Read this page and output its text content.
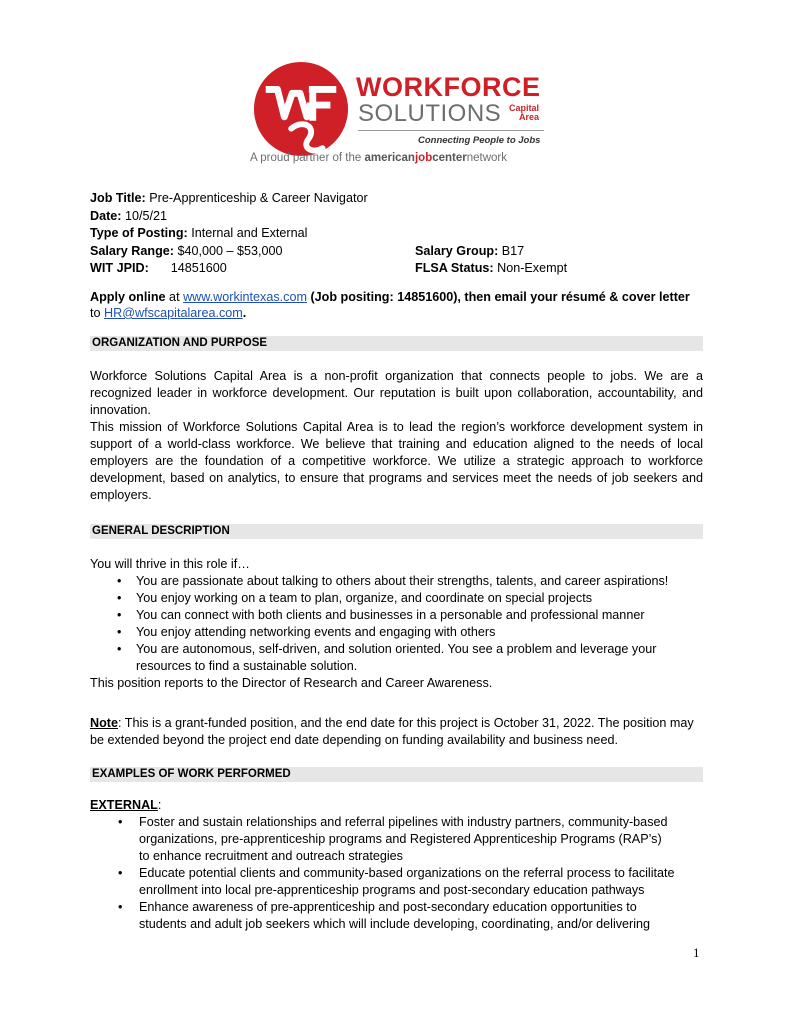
WORKFORCE
SOLUTIONS Capital
Area
Connecting People to Jobs
A proud partner of the americanjobcenternetwork
Job Title: Pre-Apprenticeship & Career Navigator
Date: 10/5/21
Type of Posting: Internal and External
Salary Range: $40,000 – $53,000	Salary Group: B17
WIT JPID: 14851600	FLSA Status: Non-Exempt
Apply online at www.workintexas.com (Job positing: 14851600), then email your résumé & cover letter
to HR@wfscapitalarea.com.
ORGANIZATION AND PURPOSE

Workforce Solutions Capital Area is a non-profit organization that connects people to jobs. We are a recognized leader in workforce development. Our reputation is built upon collaboration, accountability, and innovation.

This mission of Workforce Solutions Capital Area is to lead the region’s workforce development system in support of a world-class workforce. We believe that training and education aligned to the needs of local employers are the foundation of a competitive workforce. We utilize a strategic approach to workforce development, based on analytics, to ensure that programs and services meet the needs of job seekers and employers.

GENERAL DESCRIPTION

You will thrive in this role if…

• You are passionate about talking to others about their strengths, talents, and career aspirations!
• You enjoy working on a team to plan, organize, and coordinate on special projects
• You can connect with both clients and businesses in a personable and professional manner
• You enjoy attending networking events and engaging with others
• You are autonomous, self-driven, and solution oriented. You see a problem and leverage your resources to find a sustainable solution.

This position reports to the Director of Research and Career Awareness.

Note: This is a grant-funded position, and the end date for this project is October 31, 2022. The position may be extended beyond the project end date depending on funding availability and business need.
EXAMPLES OF WORK PERFORMED

EXTERNAL:

• Foster and sustain relationships and referral pipelines with industry partners, community-based organizations, pre-apprenticeship programs and Registered Apprenticeship Programs (RAP’s) to enhance recruitment and outreach strategies
• Educate potential clients and community-based organizations on the referral process to facilitate enrollment into local pre-apprenticeship programs and post-secondary education pathways
• Enhance awareness of pre-apprenticeship and post-secondary education opportunities to students and adult job seekers which will include developing, coordinating, and/or delivering
1
